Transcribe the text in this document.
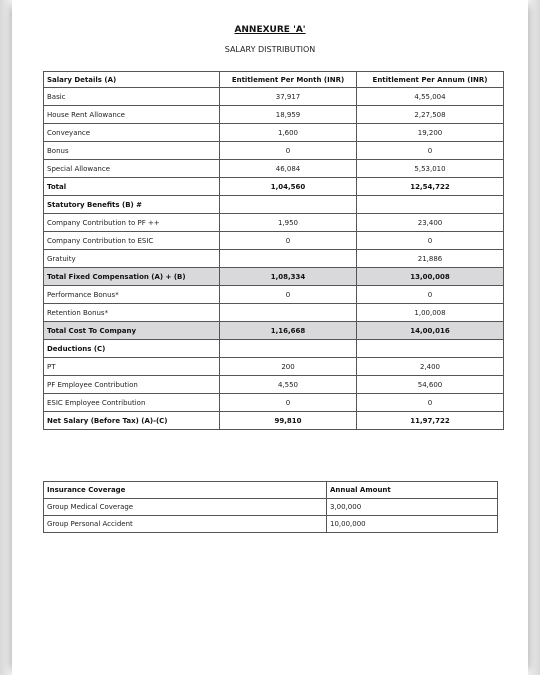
ANNEXURE 'A'
SALARY DISTRIBUTION
Salary Details (A)	Entitlement Per Month (INR)	Entitlement Per Annum (INR)
Basic	37,917	4,55,004
House Rent Allowance	18,959	2,27,508
Conveyance	1,600	19,200
Bonus	0	0
Special Allowance	46,084	5,53,010
Total	1,04,560	12,54,722
Statutory Benefits (B) #		
Company Contribution to PF ++	1,950	23,400
Company Contribution to ESIC	0	0
Gratuity		21,886
Total Fixed Compensation (A) + (B)	1,08,334	13,00,008
Performance Bonus*	0	0
Retention Bonus*		1,00,008
Total Cost To Company	1,16,668	14,00,016
Deductions (C)		
PT	200	2,400
PF Employee Contribution	4,550	54,600
ESIC Employee Contribution	0	0
Net Salary (Before Tax) (A)-(C)	99,810	11,97,722
Insurance Coverage	Annual Amount
Group Medical Coverage	3,00,000
Group Personal Accident	10,00,000
